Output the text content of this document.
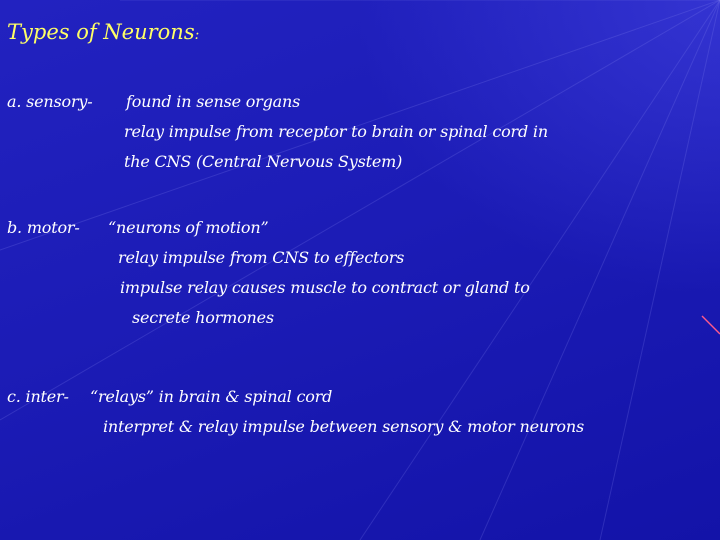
Types of Neurons:
a. sensory- found in sense organs
relay impulse from receptor to brain or spinal cord in
the CNS (Central Nervous System)
b. motor- “neurons of motion”
relay impulse from CNS to effectors
impulse relay causes muscle to contract or gland to
secrete hormones
c. inter- “relays” in brain & spinal cord
interpret & relay impulse between sensory & motor neurons
